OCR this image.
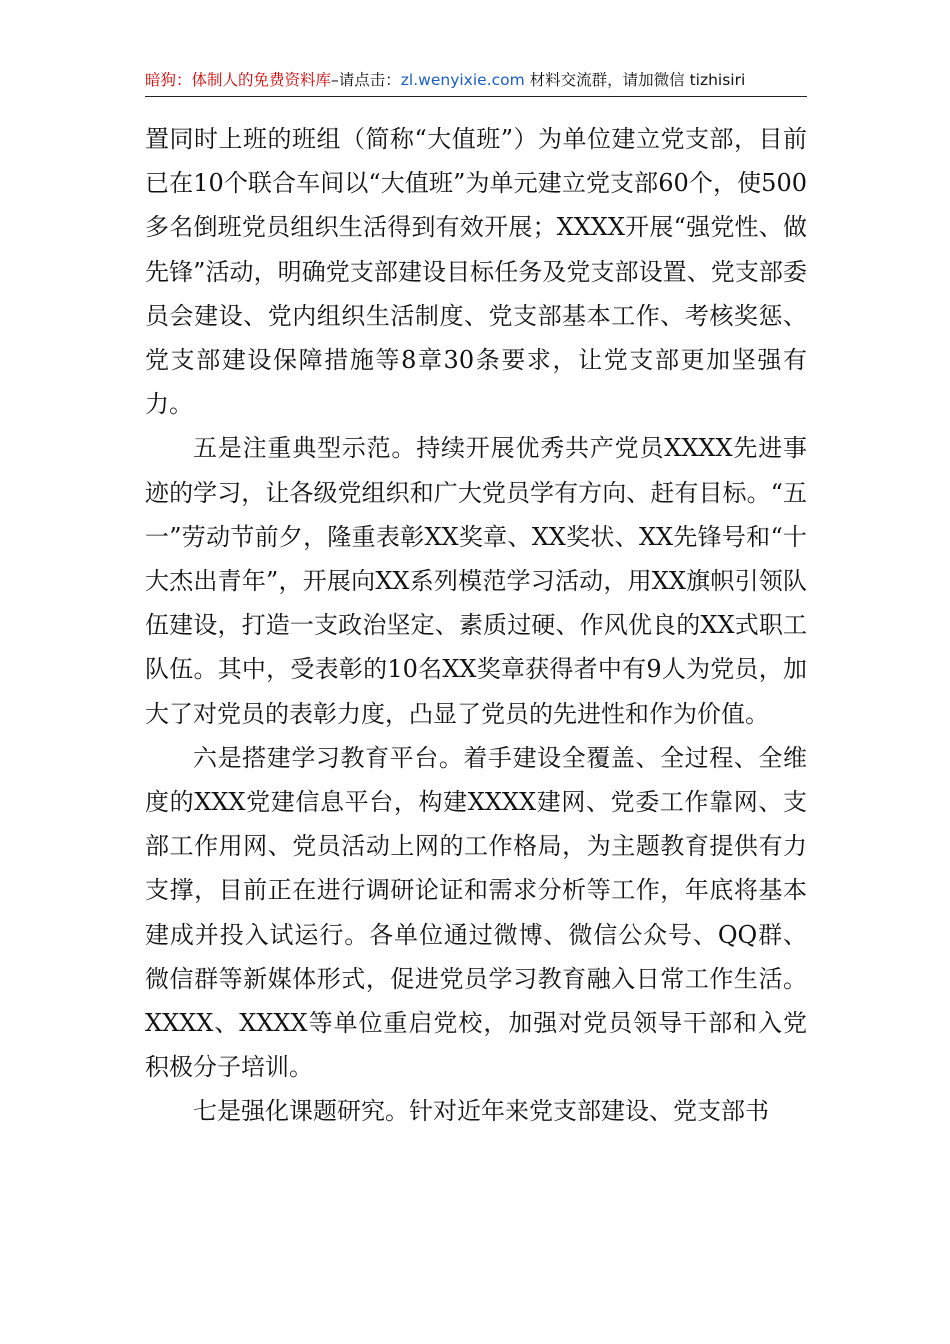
暗狗：体制人的免费资料库–请点击：zl.wenyixie.com 材料交流群，请加微信 tizhisiri

置同时上班的班组（简称“大值班”）为单位建立党支部，目前已在10个联合车间以“大值班”为单元建立党支部60个，使500多名倒班党员组织生活得到有效开展；XXXX开展“强党性、做先锋”活动，明确党支部建设目标任务及党支部设置、党支部委员会建设、党内组织生活制度、党支部基本工作、考核奖惩、党支部建设保障措施等8章30条要求，让党支部更加坚强有力。

五是注重典型示范。持续开展优秀共产党员XXXX先进事迹的学习，让各级党组织和广大党员学有方向、赶有目标。“五一”劳动节前夕，隆重表彰XX奖章、XX奖状、XX先锋号和“十大杰出青年”，开展向XX系列模范学习活动，用XX旗帜引领队伍建设，打造一支政治坚定、素质过硬、作风优良的XX式职工队伍。其中，受表彰的10名XX奖章获得者中有9人为党员，加大了对党员的表彰力度，凸显了党员的先进性和作为价值。

六是搭建学习教育平台。着手建设全覆盖、全过程、全维度的XXX党建信息平台，构建XXXX建网、党委工作靠网、支部工作用网、党员活动上网的工作格局，为主题教育提供有力支撑，目前正在进行调研论证和需求分析等工作，年底将基本建成并投入试运行。各单位通过微博、微信公众号、QQ群、微信群等新媒体形式，促进党员学习教育融入日常工作生活。XXXX、XXXX等单位重启党校，加强对党员领导干部和入党积极分子培训。

七是强化课题研究。针对近年来党支部建设、党支部书
